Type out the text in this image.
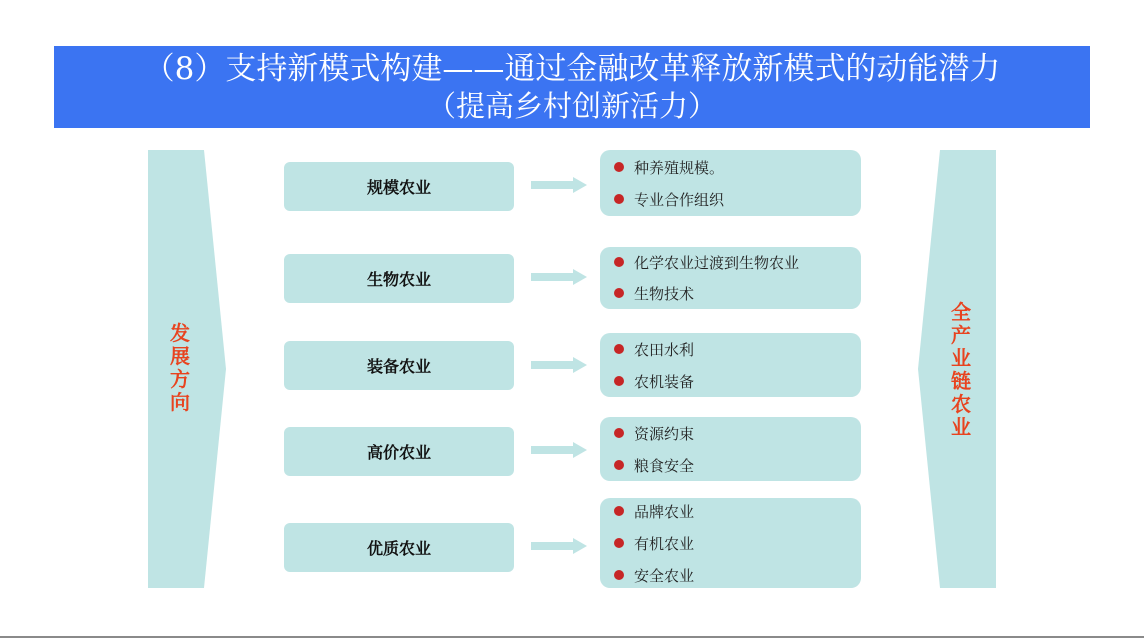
（8）支持新模式构建——通过金融改革释放新模式的动能潜力
（提高乡村创新活力）
发展方向
全产业链农业
规模农业
种养殖规模。
专业合作组织
生物农业
化学农业过渡到生物农业
生物技术
装备农业
农田水利
农机装备
高价农业
资源约束
粮食安全
优质农业
品牌农业
有机农业
安全农业
